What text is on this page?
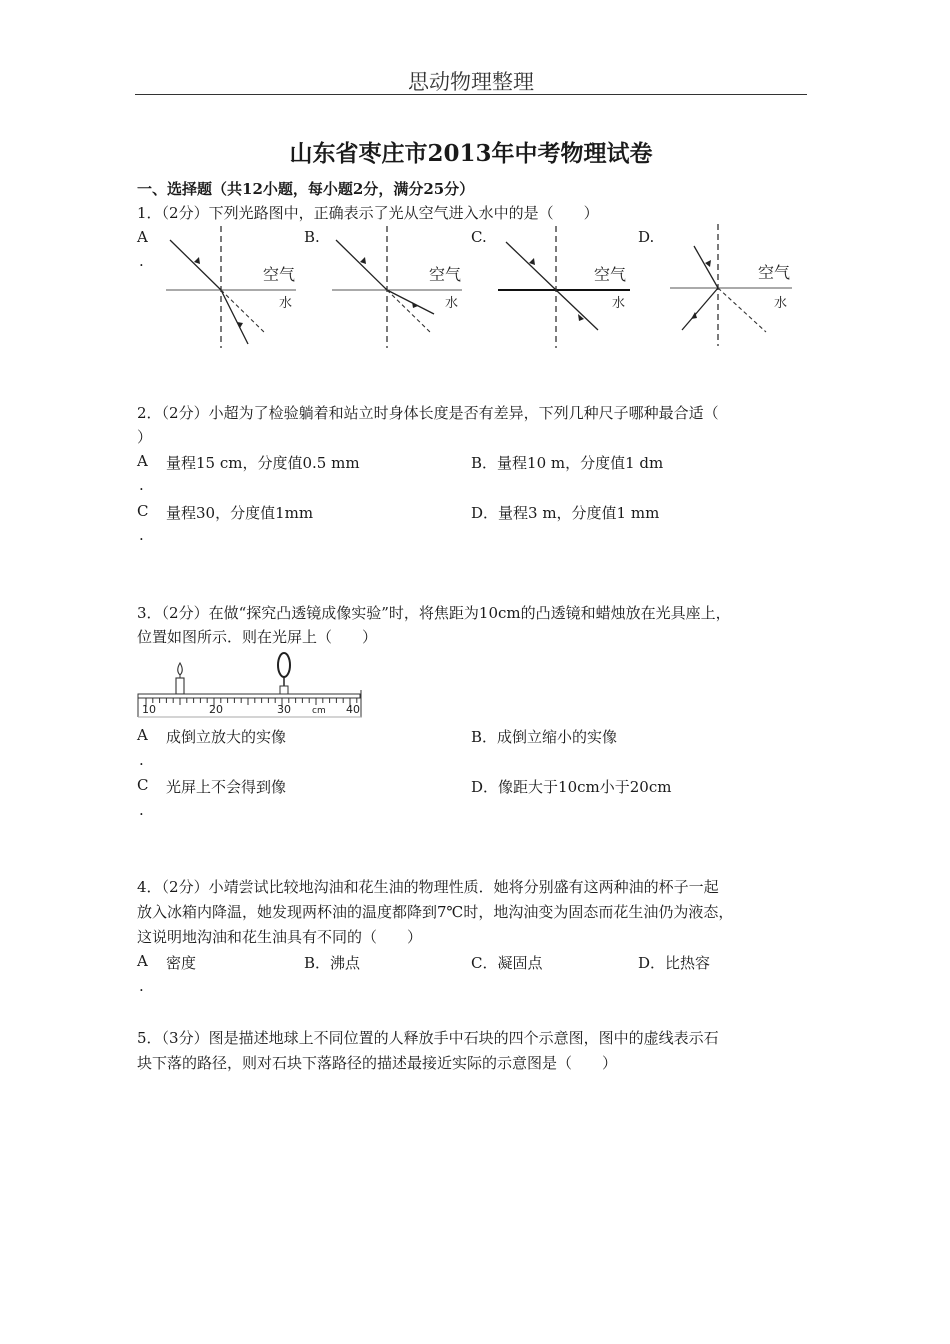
思动物理整理
山东省枣庄市2013年中考物理试卷
一、选择题（共12小题，每小题2分，满分25分）
1．（2分）下列光路图中，正确表示了光从空气进入水中的是（　　）
A
.
B.	C.	D.
空气
水
空气
水
空气
水
空气
水
2．（2分）小超为了检验躺着和站立时身体长度是否有差异，下列几种尺子哪种最合适（
）
A 量程15 cm，分度值0.5 mm
.
B．量程10 m，分度值1 dm
C 量程30，分度值1mm
.
D．量程3 m，分度值1 mm
3．（2分）在做“探究凸透镜成像实验”时，将焦距为10cm的凸透镜和蜡烛放在光具座上，
位置如图所示．则在光屏上（　　）
10	20	30 cm 40
A 成倒立放大的实像
.
B．成倒立缩小的实像
C 光屏上不会得到像
.
D．像距大于10cm小于20cm
4．（2分）小靖尝试比较地沟油和花生油的物理性质．她将分别盛有这两种油的杯子一起
放入冰箱内降温，她发现两杯油的温度都降到7℃时，地沟油变为固态而花生油仍为液态，
这说明地沟油和花生油具有不同的（　　）
A 密度
.
B．沸点	C．凝固点	D．比热容
5．（3分）图是描述地球上不同位置的人释放手中石块的四个示意图，图中的虚线表示石
块下落的路径，则对石块下落路径的描述最接近实际的示意图是（　　）
